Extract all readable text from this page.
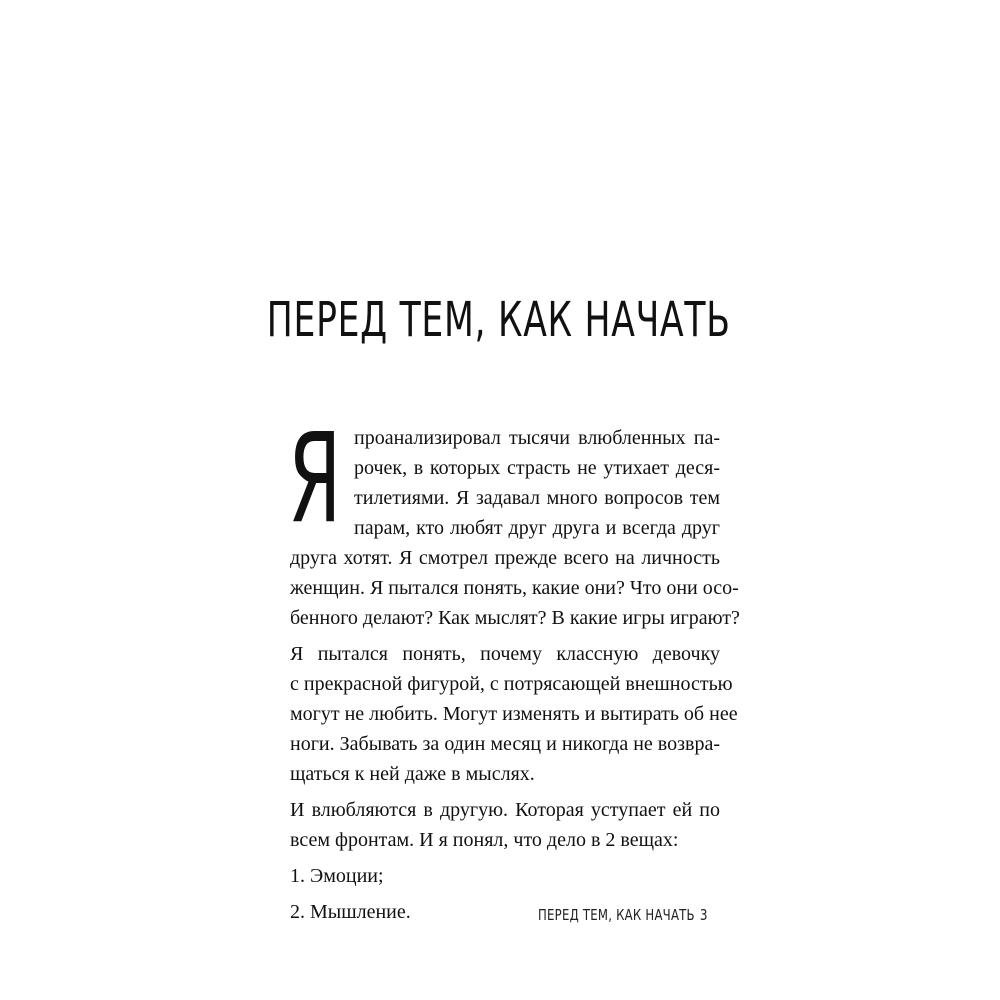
ПЕРЕД ТЕМ, КАК НАЧАТЬ
Я проанализировал тысячи влюбленных па-
рочек, в которых страсть не утихает деся-
тилетиями. Я задавал много вопросов тем
парам, кто любят друг друга и всегда друг
друга хотят. Я смотрел прежде всего на личность
женщин. Я пытался понять, какие они? Что они осо-
бенного делают? Как мыслят? В какие игры играют?
Я пытался понять, почему классную девочку
с прекрасной фигурой, с потрясающей внешностью
могут не любить. Могут изменять и вытирать об нее
ноги. Забывать за один месяц и никогда не возвра-
щаться к ней даже в мыслях.
И влюбляются в другую. Которая уступает ей по
всем фронтам. И я понял, что дело в 2 вещах:
1. Эмоции;
2. Мышление.	ПЕРЕД ТЕМ, КАК НАЧАТЬ 3
